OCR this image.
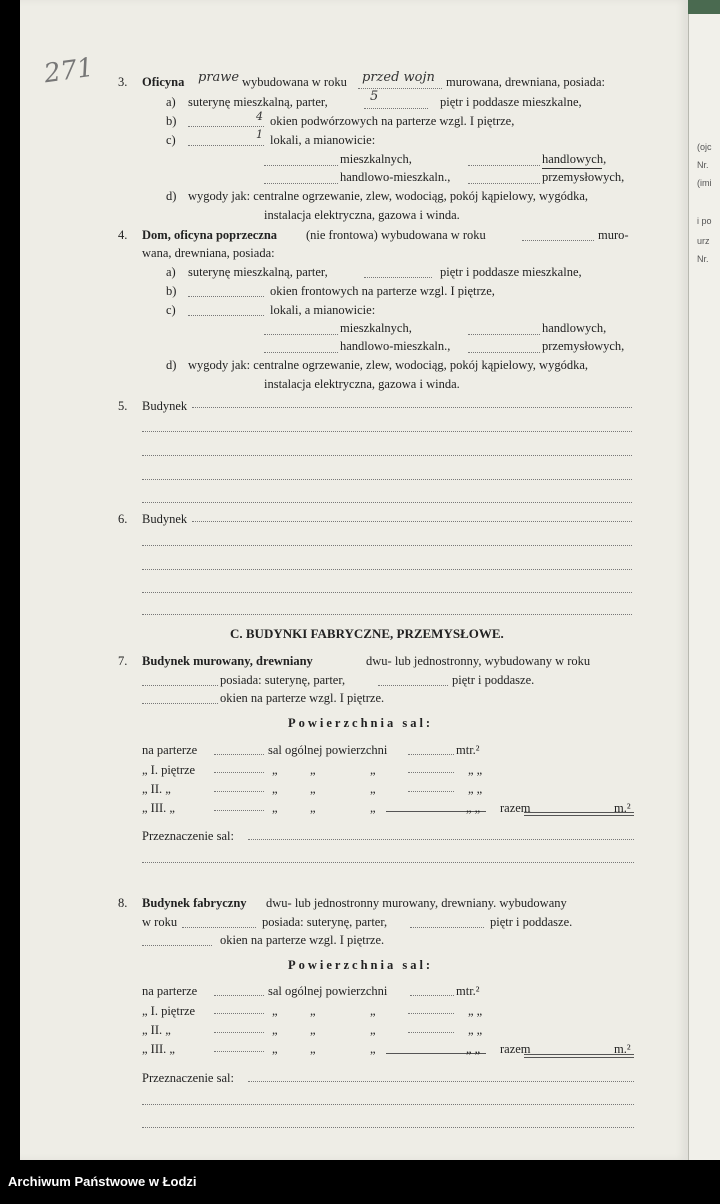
(ojc
Nr.
(imi
i po
urz
Nr.
271 3. Oficyna prawe wybudowana w roku przed wojn murowana, drewniana, posiada:
a) suterynę mieszkalną, parter,	5	piętr i poddasze mieszkalne,
b)	4 okien podwórzowych na parterze wzgl. I piętrze,
c)	1 lokali, a mianowicie:
mieszkalnych,	handlowych,
handlowo-mieszkaln.,	przemysłowych,
d) wygody jak: centralne ogrzewanie, zlew, wodociąg, pokój kąpielowy, wygódka,
instalacja elektryczna, gazowa i winda.
4. Dom, oficyna poprzeczna (nie frontowa) wybudowana w roku	muro-
wana, drewniana, posiada:
a) suterynę mieszkalną, parter,	piętr i poddasze mieszkalne,
b)	okien frontowych na parterze wzgl. I piętrze,
c)	lokali, a mianowicie:
mieszkalnych,	handlowych,
handlowo-mieszkaln.,	przemysłowych,
d) wygody jak: centralne ogrzewanie, zlew, wodociąg, pokój kąpielowy, wygódka,
instalacja elektryczna, gazowa i winda.
5. Budynek
6. Budynek
C. BUDYNKI FABRYCZNE, PRZEMYSŁOWE.
7. Budynek murowany, drewniany	dwu- lub jednostronny, wybudowany w roku
posiada: suterynę, parter,	piętr i poddasze.
okien na parterze wzgl. I piętrze.
Powierzchnia sal:
na parterze	sal ogólnej powierzchni	mtr.²
„ I. piętrze	„	„	„	„ „
„ II. „	„	„	„	„ „
„ III. „	„	„	„	„ „ razem	m.²
Przeznaczenie sal:
8. Budynek fabryczny dwu- lub jednostronny murowany, drewniany. wybudowany
w roku	posiada: suterynę, parter,	piętr i poddasze.
okien na parterze wzgl. I piętrze.
Powierzchnia sal:
na parterze	sal ogólnej powierzchni	mtr.²
„ I. piętrze	„	„	„	„ „
„ II. „	„	„	„	„ „
„ III. „	„	„	„	„ „ razem	m.²
Przeznaczenie sal:
Archiwum Państwowe w Łodzi
